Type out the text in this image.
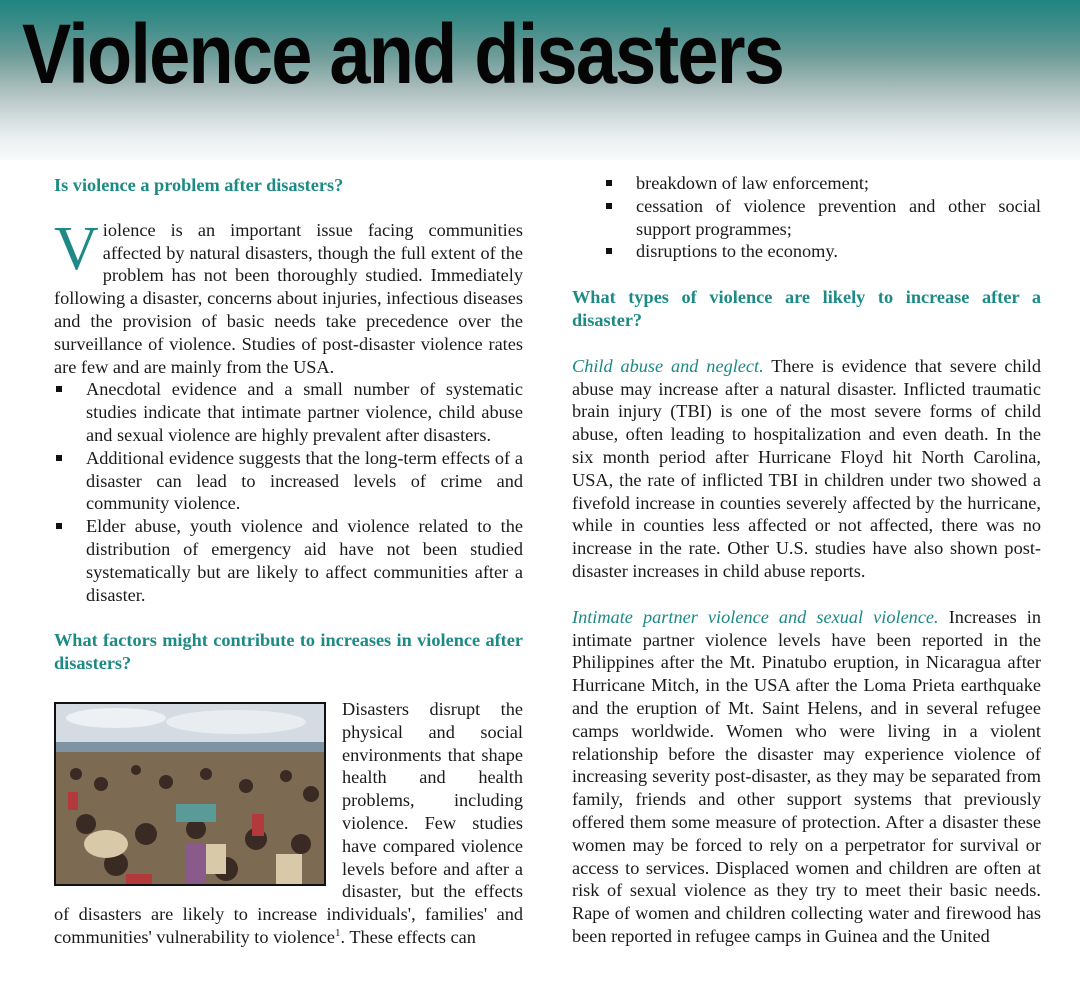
Violence and disasters
Is violence a problem after disasters?

Violence is an important issue facing communities affected by natural disasters, though the full extent of the problem has not been thoroughly studied. Immediately following a disaster, concerns about injuries, infectious diseases and the provision of basic needs take precedence over the surveillance of violence. Studies of post-disaster violence rates are few and are mainly from the USA.

Anecdotal evidence and a small number of systematic studies indicate that intimate partner violence, child abuse and sexual violence are highly prevalent after disasters.
Additional evidence suggests that the long-term effects of a disaster can lead to increased levels of crime and community violence.
Elder abuse, youth violence and violence related to the distribution of emergency aid have not been studied systematically but are likely to affect communities after a disaster.
What factors might contribute to increases in violence after disasters?

Disasters disrupt the physical and social environments that shape health and health problems, including violence. Few studies have compared violence levels before and after a disaster, but the effects of disasters are likely to increase individuals', families' and communities' vulnerability to violence$^1$. These effects can

breakdown of law enforcement;
cessation of violence prevention and other social support programmes;
disruptions to the economy.
What types of violence are likely to increase after a disaster?

Child abuse and neglect. There is evidence that severe child abuse may increase after a natural disaster. Inflicted traumatic brain injury (TBI) is one of the most severe forms of child abuse, often leading to hospitalization and even death. In the six month period after Hurricane Floyd hit North Carolina, USA, the rate of inflicted TBI in children under two showed a fivefold increase in counties severely affected by the hurricane, while in counties less affected or not affected, there was no increase in the rate. Other U.S. studies have also shown post-disaster increases in child abuse reports.

Intimate partner violence and sexual violence. Increases in intimate partner violence levels have been reported in the Philippines after the Mt. Pinatubo eruption, in Nicaragua after Hurricane Mitch, in the USA after the Loma Prieta earthquake and the eruption of Mt. Saint Helens, and in several refugee camps worldwide. Women who were living in a violent relationship before the disaster may experience violence of increasing severity post-disaster, as they may be separated from family, friends and other support systems that previously offered them some measure of protection. After a disaster these women may be forced to rely on a perpetrator for survival or access to services. Displaced women and children are often at risk of sexual violence as they try to meet their basic needs. Rape of women and children collecting water and firewood has been reported in refugee camps in Guinea and the United
